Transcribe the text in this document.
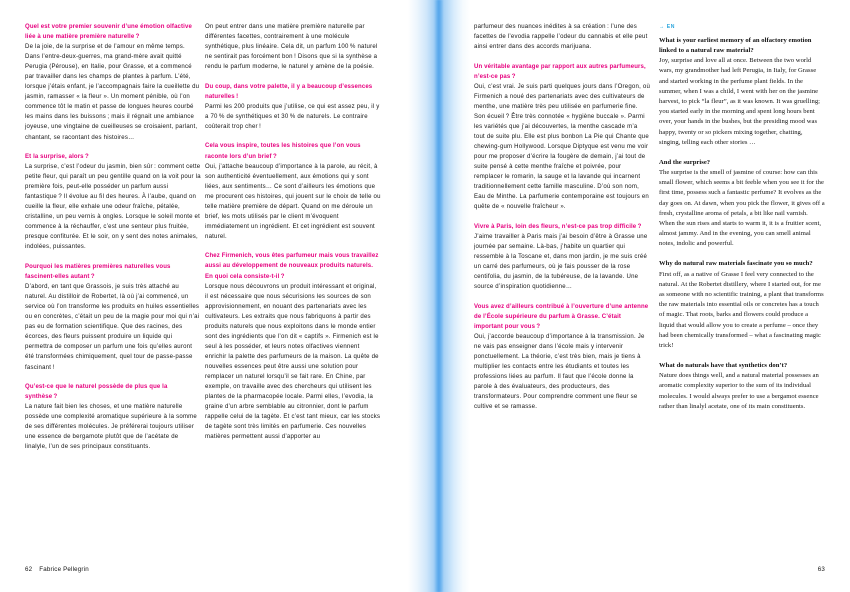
Quel est votre premier souvenir d’une émotion olfactive liée à une matière première naturelle ?

De la joie, de la surprise et de l’amour en même temps. Dans l’entre-deux-guerres, ma grand-mère avait quitté Perugia (Pérouse), en Italie, pour Grasse, et a commencé par travailler dans les champs de plantes à parfum. L’été, lorsque j’étais enfant, je l’accompagnais faire la cueillette du jasmin, ramasser « la fleur ». Un moment pénible, où l’on commence tôt le matin et passe de longues heures courbé les mains dans les buissons ; mais il régnait une ambiance joyeuse, une vingtaine de cueilleuses se croisaient, parlant, chantant, se racontant des histoires…

Et la surprise, alors ?

La surprise, c’est l’odeur du jasmin, bien sûr : comment cette petite fleur, qui paraît un peu gentille quand on la voit pour la première fois, peut-elle posséder un parfum aussi fantastique ? Il évolue au fil des heures. À l’aube, quand on cueille la fleur, elle exhale une odeur fraîche, pétalée, cristalline, un peu vernis à ongles. Lorsque le soleil monte et commence à la réchauffer, c’est une senteur plus fruitée, presque confiturée. Et le soir, on y sent des notes animales, indolées, puissantes.

Pourquoi les matières premières naturelles vous fascinent-elles autant ?

D’abord, en tant que Grassois, je suis très attaché au naturel. Au distilloir de Robertet, là où j’ai commencé, un service où l’on transforme les produits en huiles essentielles ou en concrètes, c’était un peu de la magie pour moi qui n’ai pas eu de formation scientifique. Que des racines, des écorces, des fleurs puissent produire un liquide qui permettra de composer un parfum une fois qu’elles auront été transformées chimiquement, quel tour de passe-passe fascinant !

Qu’est-ce que le naturel possède de plus que la synthèse ?

La nature fait bien les choses, et une matière naturelle possède une complexité aromatique supérieure à la somme de ses différentes molécules. Je préférerai toujours utiliser une essence de bergamote plutôt que de l’acétate de linalyle, l’un de ses principaux constituants.

On peut entrer dans une matière première naturelle par différentes facettes, contrairement à une molécule synthétique, plus linéaire. Cela dit, un parfum 100 % naturel ne sentirait pas forcément bon ! Disons que si la synthèse a rendu le parfum moderne, le naturel y amène de la poésie.

Du coup, dans votre palette, il y a beaucoup d’essences naturelles !

Parmi les 200 produits que j’utilise, ce qui est assez peu, il y a 70 % de synthétiques et 30 % de naturels. Le contraire coûterait trop cher !

Cela vous inspire, toutes les histoires que l’on vous raconte lors d’un brief ?

Oui, j’attache beaucoup d’importance à la parole, au récit, à son authenticité éventuellement, aux émotions qui y sont liées, aux sentiments… Ce sont d’ailleurs les émotions que me procurent ces histoires, qui jouent sur le choix de telle ou telle matière première de départ. Quand on me déroule un brief, les mots utilisés par le client m’évoquent immédiatement un ingrédient. Et cet ingrédient est souvent naturel.

Chez Firmenich, vous êtes parfumeur mais vous travaillez aussi au développement de nouveaux produits naturels. En quoi cela consiste-t-il ?

Lorsque nous découvrons un produit intéressant et original, il est nécessaire que nous sécurisions les sources de son approvisionnement, en nouant des partenariats avec les cultivateurs. Les extraits que nous fabriquons à partir des produits naturels que nous exploitons dans le monde entier sont des ingrédients que l’on dit « captifs ». Firmenich est le seul à les posséder, et leurs notes olfactives viennent enrichir la palette des parfumeurs de la maison. La quête de nouvelles essences peut être aussi une solution pour remplacer un naturel lorsqu’il se fait rare. En Chine, par exemple, on travaille avec des chercheurs qui utilisent les plantes de la pharmacopée locale. Parmi elles, l’evodia, la graine d’un arbre semblable au citronnier, dont le parfum rappelle celui de la tagète. Et c’est tant mieux, car les stocks de tagète sont très limités en parfumerie. Ces nouvelles matières permettent aussi d’apporter au

parfumeur des nuances inédites à sa création : l’une des facettes de l’evodia rappelle l’odeur du cannabis et elle peut ainsi entrer dans des accords marijuana.

Un véritable avantage par rapport aux autres parfumeurs, n’est-ce pas ?

Oui, c’est vrai. Je suis parti quelques jours dans l’Oregon, où Firmenich a noué des partenariats avec des cultivateurs de menthe, une matière très peu utilisée en parfumerie fine. Son écueil ? Être très connotée « hygiène buccale ». Parmi les variétés que j’ai découvertes, la menthe cascade m’a tout de suite plu. Elle est plus bonbon La Pie qui Chante que chewing-gum Hollywood. Lorsque Diptyque est venu me voir pour me proposer d’écrire la fougère de demain, j’ai tout de suite pensé à cette menthe fraîche et poivrée, pour remplacer le romarin, la sauge et la lavande qui incarnent traditionnellement cette famille masculine. D’où son nom, Eau de Minthe. La parfumerie contemporaine est toujours en quête de « nouvelle fraîcheur ».

Vivre à Paris, loin des fleurs, n’est-ce pas trop difficile ?

J’aime travailler à Paris mais j’ai besoin d’être à Grasse une journée par semaine. Là-bas, j’habite un quartier qui ressemble à la Toscane et, dans mon jardin, je me suis créé un carré des parfumeurs, où je fais pousser de la rose centifolia, du jasmin, de la tubéreuse, de la lavande. Une source d’inspiration quotidienne…

Vous avez d’ailleurs contribué à l’ouverture d’une antenne de l’École supérieure du parfum à Grasse. C’était important pour vous ?

Oui, j’accorde beaucoup d’importance à la transmission. Je ne vais pas enseigner dans l’école mais y intervenir ponctuellement. La théorie, c’est très bien, mais je tiens à multiplier les contacts entre les étudiants et toutes les professions liées au parfum. Il faut que l’école donne la parole à des évaluateurs, des producteurs, des transformateurs. Pour comprendre comment une fleur se cultive et se ramasse.

→ EN

What is your earliest memory of an olfactory emotion linked to a natural raw material?

Joy, surprise and love all at once. Between the two world wars, my grandmother had left Perugia, in Italy, for Grasse and started working in the perfume plant fields. In the summer, when I was a child, I went with her on the jasmine harvest, to pick “la fleur”, as it was known. It was gruelling; you started early in the morning and spent long hours bent over, your hands in the bushes, but the presiding mood was happy, twenty or so pickers mixing together, chatting, singing, telling each other stories …

And the surprise?

The surprise is the smell of jasmine of course: how can this small flower, which seems a bit feeble when you see it for the first time, possess such a fantastic perfume? It evolves as the day goes on. At dawn, when you pick the flower, it gives off a fresh, crystalline aroma of petals, a bit like nail varnish. When the sun rises and starts to warm it, it is a fruitier scent, almost jammy. And in the evening, you can smell animal notes, indolic and powerful.

Why do natural raw materials fascinate you so much?

First off, as a native of Grasse I feel very connected to the natural. At the Robertet distillery, where I started out, for me as someone with no scientific training, a plant that transforms the raw materials into essential oils or concretes has a touch of magic. That roots, barks and flowers could produce a liquid that would allow you to create a perfume – once they had been chemically transformed – what a fascinating magic trick!

What do naturals have that synthetics don’t?

Nature does things well, and a natural material possesses an aromatic complexity superior to the sum of its individual molecules. I would always prefer to use a bergamot essence rather than linalyl acetate, one of its main constituents.

62 Fabrice Pellegrin	63
